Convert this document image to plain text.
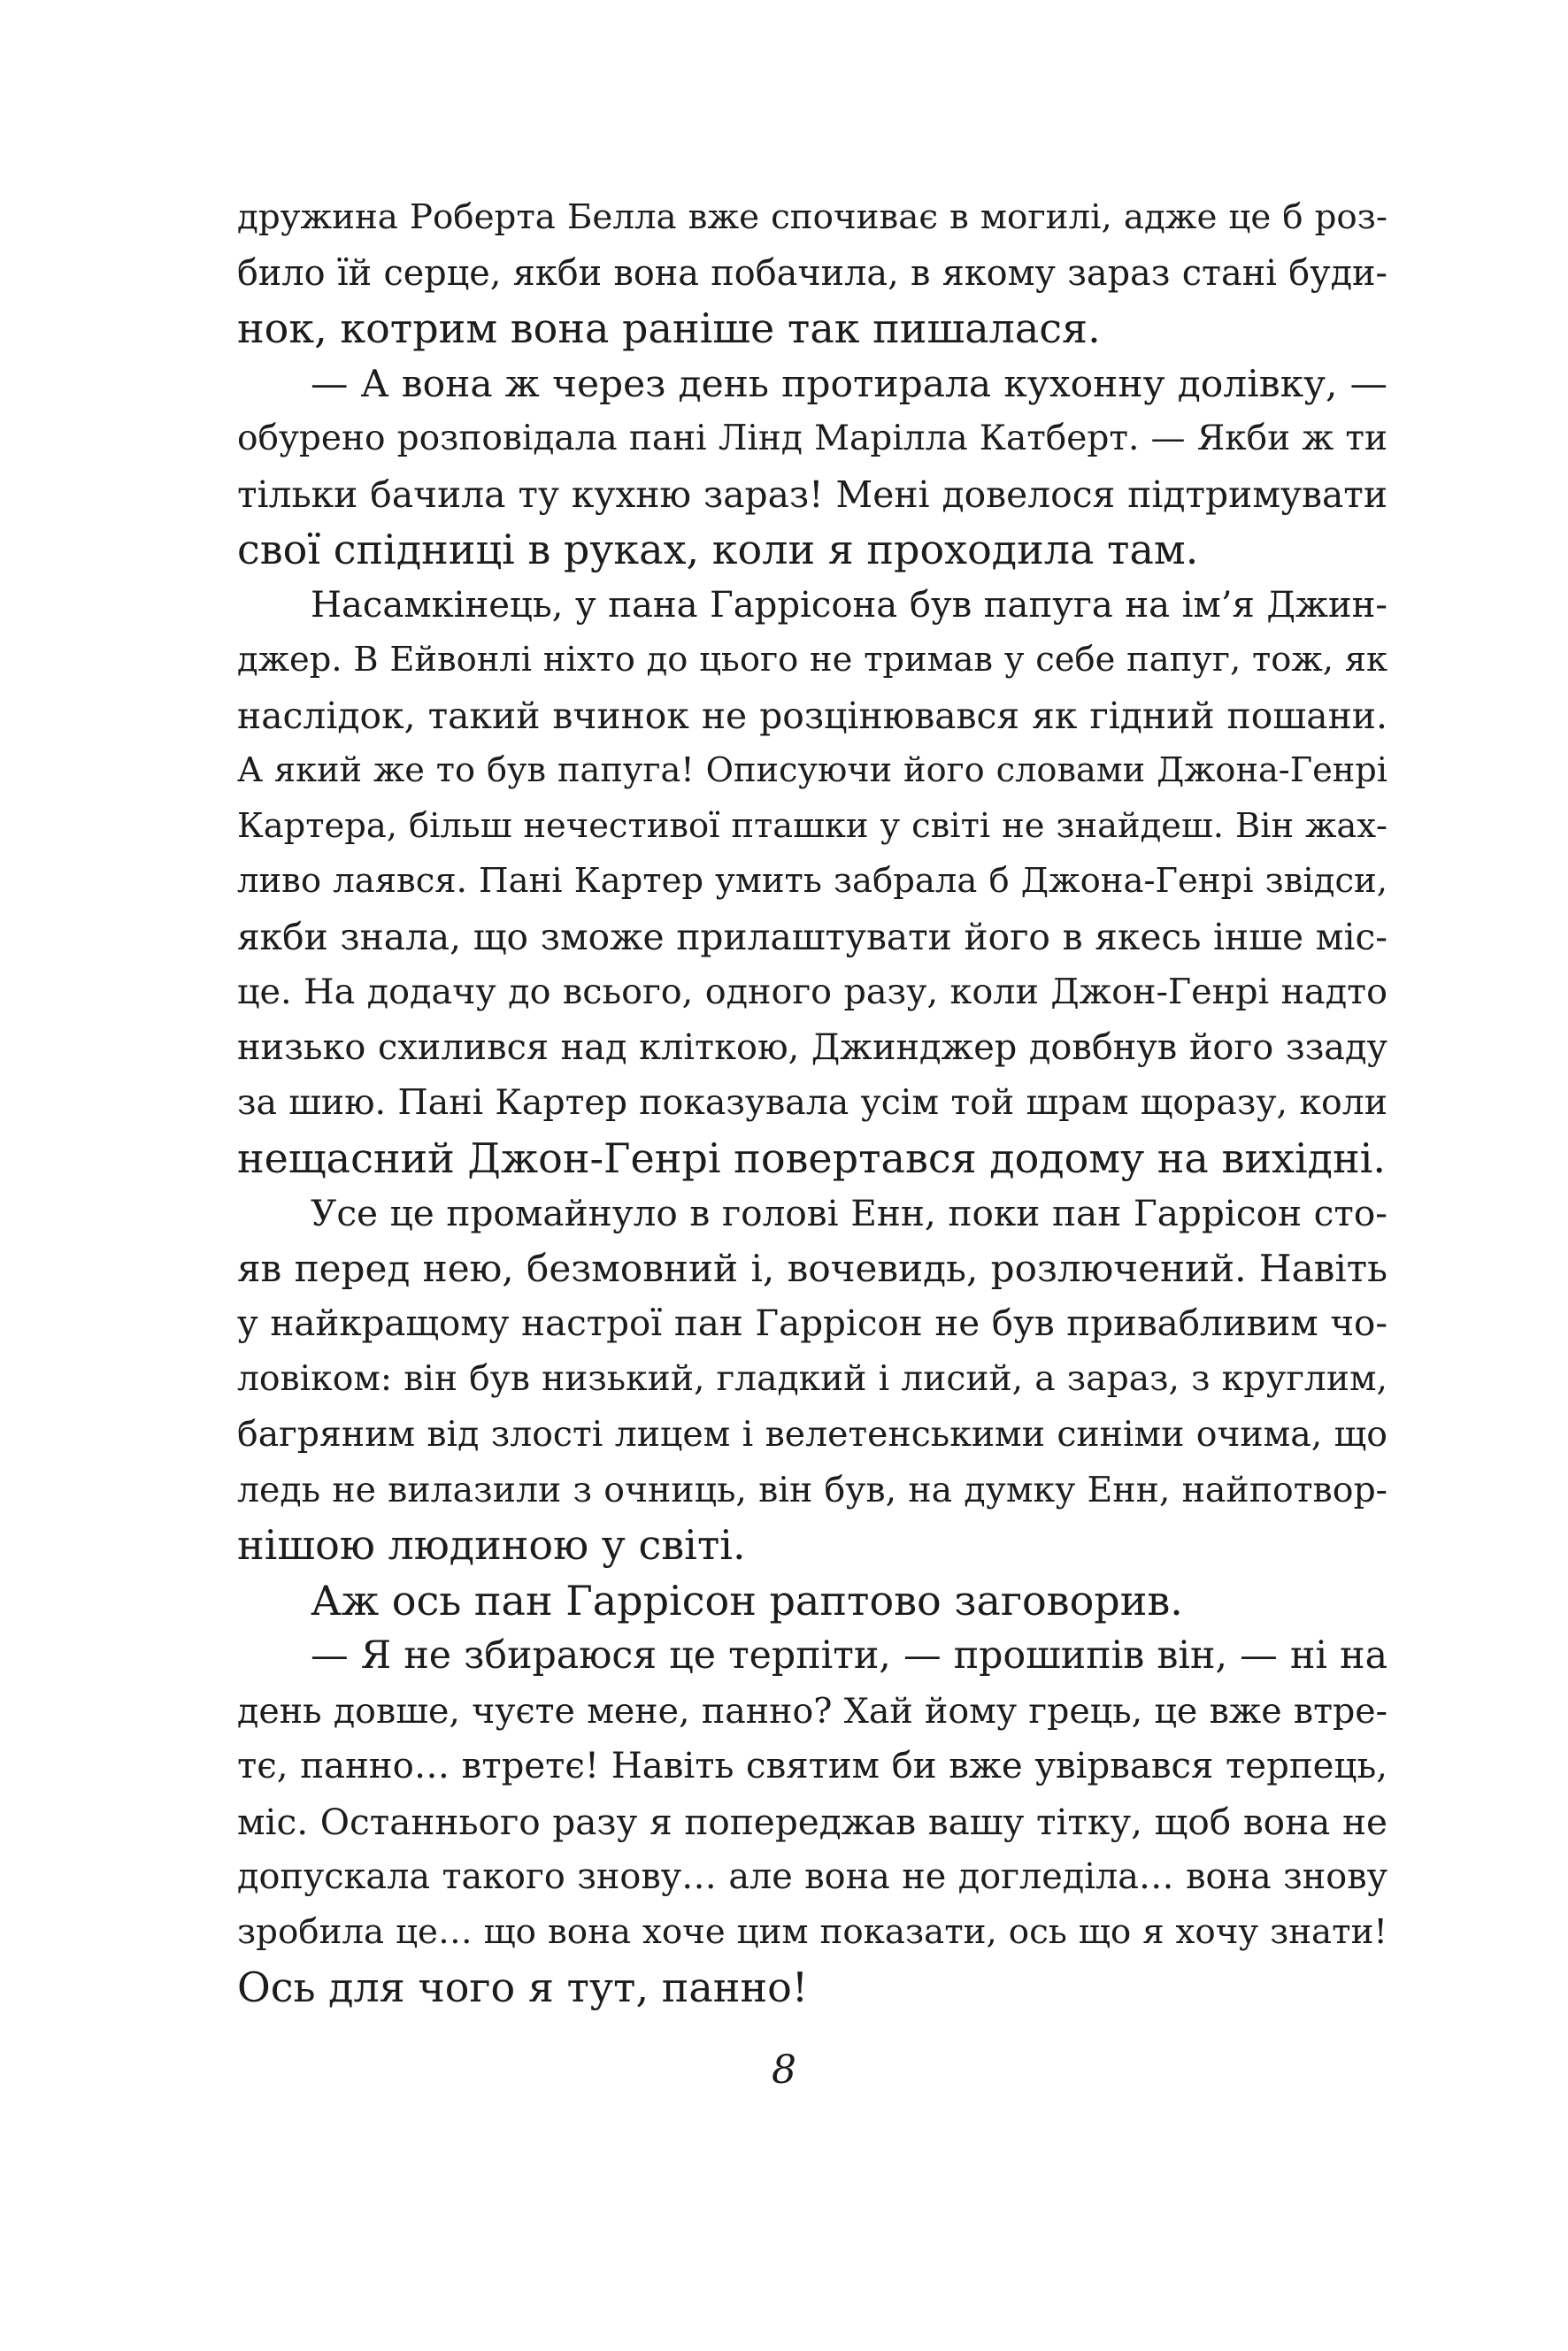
дружина Роберта Белла вже спочиває в могилі, адже це б роз-
било їй серце, якби вона побачила, в якому зараз стані буди-
нок, котрим вона раніше так пишалася.
— А вона ж через день протирала кухонну долівку, —
обурено розповідала пані Лінд Марілла Катберт. — Якби ж ти
тільки бачила ту кухню зараз! Мені довелося підтримувати
свої спідниці в руках, коли я проходила там.
Насамкінець, у пана Гаррісона був папуга на ім’я Джин-
джер. В Ейвонлі ніхто до цього не тримав у себе папуг, тож, як
наслідок, такий вчинок не розцінювався як гідний пошани.
А який же то був папуга! Описуючи його словами Джона-Генрі
Картера, більш нечестивої пташки у світі не знайдеш. Він жах-
ливо лаявся. Пані Картер умить забрала б Джона-Генрі звідси,
якби знала, що зможе прилаштувати його в якесь інше міс-
це. На додачу до всього, одного разу, коли Джон-Генрі надто
низько схилився над кліткою, Джинджер довбнув його ззаду
за шию. Пані Картер показувала усім той шрам щоразу, коли
нещасний Джон-Генрі повертався додому на вихідні.
Усе це промайнуло в голові Енн, поки пан Гаррісон сто-
яв перед нею, безмовний і, вочевидь, розлючений. Навіть
у найкращому настрої пан Гаррісон не був привабливим чо-
ловіком: він був низький, гладкий і лисий, а зараз, з круглим,
багряним від злості лицем і велетенськими синіми очима, що
ледь не вилазили з очниць, він був, на думку Енн, найпотвор-
нішою людиною у світі.
Аж ось пан Гаррісон раптово заговорив.
— Я не збираюся це терпіти, — прошипів він, — ні на
день довше, чуєте мене, панно? Хай йому грець, це вже втре-
тє, панно… втретє! Навіть святим би вже увірвався терпець,
міс. Останнього разу я попереджав вашу тітку, щоб вона не
допускала такого знову… але вона не догледіла… вона знову
зробила це… що вона хоче цим показати, ось що я хочу знати!
Ось для чого я тут, панно!
8
